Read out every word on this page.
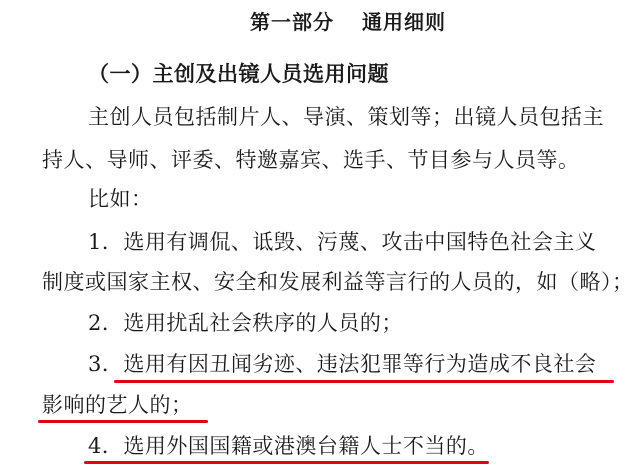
第一部分 通用细则
（一）主创及出镜人员选用问题
主创人员包括制片人、导演、策划等；出镜人员包括主
持人、导师、评委、特邀嘉宾、选手、节目参与人员等。
比如：
1．选用有调侃、诋毁、污蔑、攻击中国特色社会主义
制度或国家主权、安全和发展利益等言行的人员的，如（略）；
2．选用扰乱社会秩序的人员的；
3．选用有因丑闻劣迹、违法犯罪等行为造成不良社会
影响的艺人的；
4．选用外国国籍或港澳台籍人士不当的。
